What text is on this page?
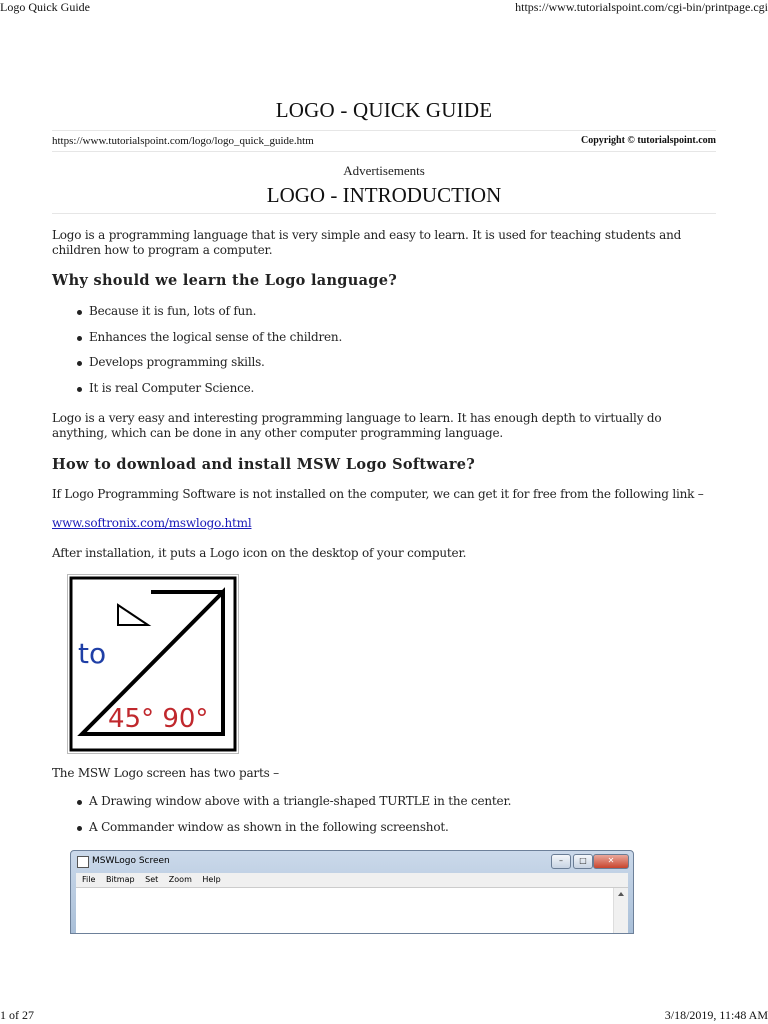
Logo Quick Guide	https://www.tutorialspoint.com/cgi-bin/printpage.cgi
LOGO - QUICK GUIDE
https://www.tutorialspoint.com/logo/logo_quick_guide.htm	Copyright © tutorialspoint.com
Advertisements
LOGO - INTRODUCTION

Logo is a programming language that is very simple and easy to learn. It is used for teaching students and children how to program a computer.

Why should we learn the Logo language?
Because it is fun, lots of fun.
Enhances the logical sense of the children.
Develops programming skills.
It is real Computer Science.

Logo is a very easy and interesting programming language to learn. It has enough depth to virtually do anything, which can be done in any other computer programming language.

How to download and install MSW Logo Software?

If Logo Programming Software is not installed on the computer, we can get it for free from the following link –

www.softronix.com/mswlogo.html

After installation, it puts a Logo icon on the desktop of your computer.

to
45° 90°

The MSW Logo screen has two parts –

A Drawing window above with a triangle-shaped TURTLE in the center.
A Commander window as shown in the following screenshot.
MSWLogo Screen	–	□	✕
File Bitmap Set Zoom Help
1 of 27	3/18/2019, 11:48 AM
